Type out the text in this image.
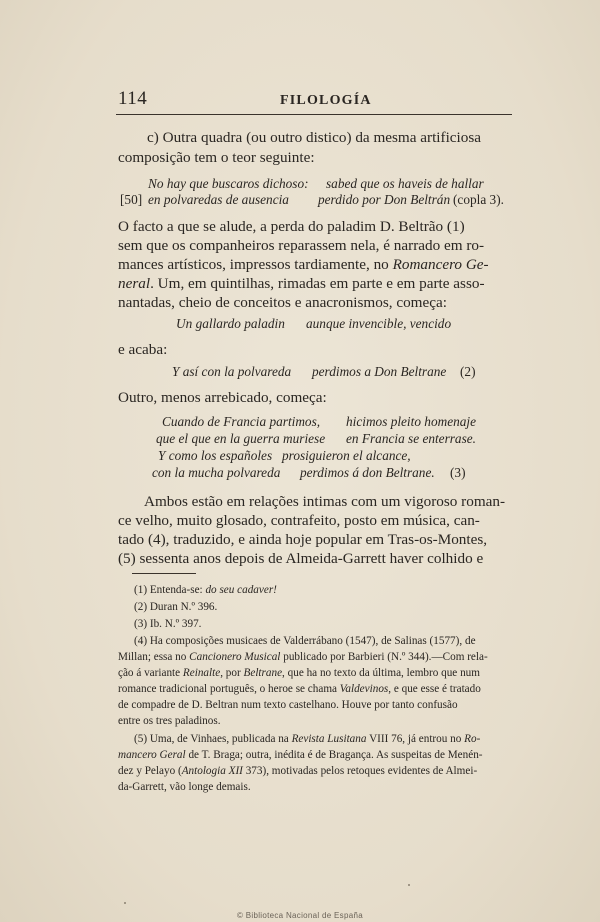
114	FILOLOGÍA
c) Outra quadra (ou outro distico) da mesma artificiosa
composição tem o teor seguinte:
No hay que buscaros dichoso: sabed que os haveis de hallar
[50] en polvaredas de ausencia perdido por Don Beltrán (copla 3).
O facto a que se alude, a perda do paladim D. Beltrão (1)
sem que os companheiros reparassem nela, é narrado em ro-
mances artísticos, impressos tardiamente, no Romancero Ge-
neral. Um, em quintilhas, rimadas em parte e em parte asso-
nantadas, cheio de conceitos e anacronismos, começa:
Un gallardo paladin aunque invencible, vencido
e acaba:
Y así con la polvareda perdimos a Don Beltrane (2)
Outro, menos arrebicado, começa:
Cuando de Francia partimos, hicimos pleito homenaje
que el que en la guerra muriese en Francia se enterrase.
Y como los españoles prosiguieron el alcance,
con la mucha polvareda perdimos á don Beltrane. (3)
Ambos estão em relações intimas com um vigoroso roman-
ce velho, muito glosado, contrafeito, posto em música, can-
tado (4), traduzido, e ainda hoje popular em Tras-os-Montes,
(5) sessenta anos depois de Almeida-Garrett haver colhido e
(1) Entenda-se: do seu cadaver!
(2) Duran N.º 396.
(3) Ib. N.º 397.
(4) Ha composições musicaes de Valderrábano (1547), de Salinas (1577), de
Millan; essa no Cancionero Musical publicado por Barbieri (N.º 344).—Com rela-
ção á variante Reinalte, por Beltrane, que ha no texto da última, lembro que num
romance tradicional português, o heroe se chama Valdevinos, e que esse é tratado
de compadre de D. Beltran num texto castelhano. Houve por tanto confusão
entre os tres paladinos.
(5) Uma, de Vinhaes, publicada na Revista Lusitana VIII 76, já entrou no Ro-
mancero Geral de T. Braga; outra, inédita é de Bragança. As suspeitas de Menén-
dez y Pelayo (Antologia XII 373), motivadas pelos retoques evidentes de Almei-
da-Garrett, vão longe demais.
© Biblioteca Nacional de España
